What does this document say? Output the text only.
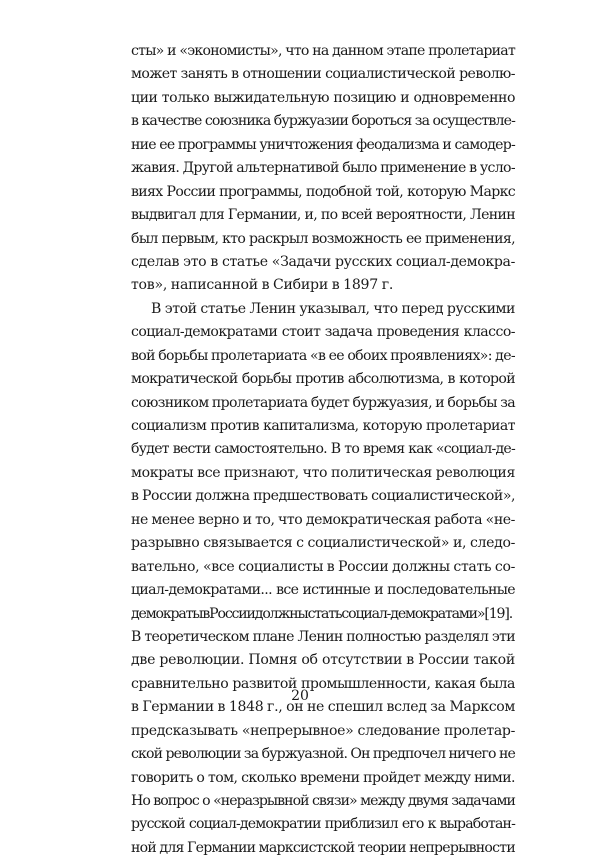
сты» и «экономисты», что на данном этапе пролетариат
может занять в отношении социалистической револю-
ции только выжидательную позицию и одновременно
в качестве союзника буржуазии бороться за осуществле-
ние ее программы уничтожения феодализма и самодер-
жавия. Другой альтернативой было применение в усло-
виях России программы, подобной той, которую Маркс
выдвигал для Германии, и, по всей вероятности, Ленин
был первым, кто раскрыл возможность ее применения,
сделав это в статье «Задачи русских социал-демокра-
тов», написанной в Сибири в 1897 г.
В этой статье Ленин указывал, что перед русскими
социал-демократами стоит задача проведения классо-
вой борьбы пролетариата «в ее обоих проявлениях»: де-
мократической борьбы против абсолютизма, в которой
союзником пролетариата будет буржуазия, и борьбы за
социализм против капитализма, которую пролетариат
будет вести самостоятельно. В то время как «социал-де-
мократы все признают, что политическая революция
в России должна предшествовать социалистической»,
не менее верно и то, что демократическая работа «не-
разрывно связывается с социалистической» и, следо-
вательно, «все социалисты в России должны стать со-
циал-демократами... все истинные и последовательные
демократывРоссиидолжныстатьсоциал-демократами»[19].
В теоретическом плане Ленин полностью разделял эти
две революции. Помня об отсутствии в России такой
сравнительно развитой промышленности, какая была
в Германии в 1848 г., он не спешил вслед за Марксом
предсказывать «непрерывное» следование пролетар-
ской революции за буржуазной. Он предпочел ничего не
говорить о том, сколько времени пройдет между ними.
Но вопрос о «неразрывной связи» между двумя задачами
русской социал-демократии приблизил его к выработан-
ной для Германии марксистской теории непрерывности
20
